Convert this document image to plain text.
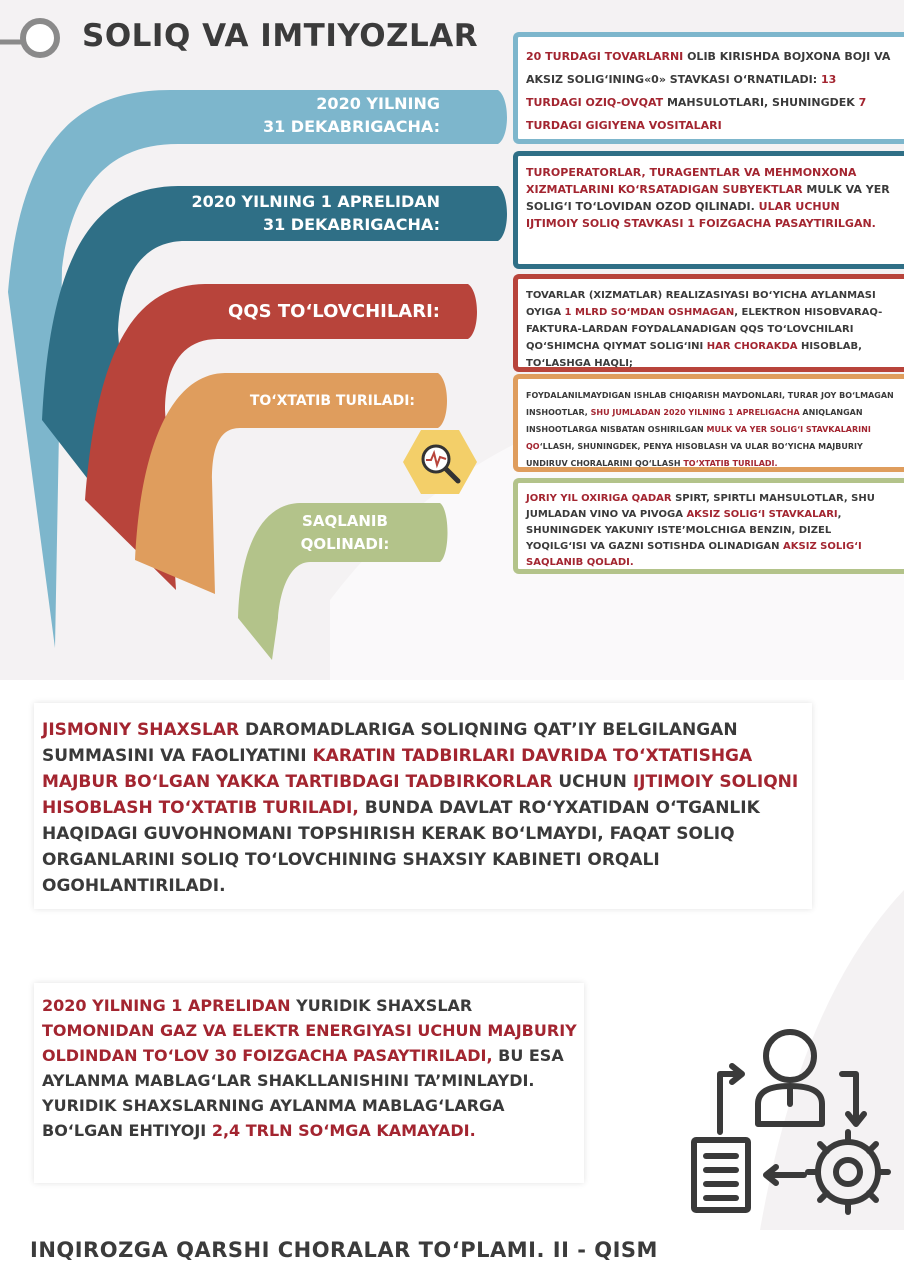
SOLIQ VA IMTIYOZLAR
2020 YILNING
31 DEKABRIGACHA:
2020 YILNING 1 APRELIDAN
31 DEKABRIGACHA:
QQS TO‘LOVCHILARI:
TO‘XTATIB TURILADI:
SAQLANIB
QOLINADI:
20 TURDAGI TOVARLARNI OLIB KIRISHDA BOJXONA BOJI VA AKSIZ SOLIG‘INING«0» STAVKASI O‘RNATILADI: 13 TURDAGI OZIQ-OVQAT MAHSULOTLARI, SHUNINGDEK 7 TURDAGI GIGIYENA VOSITALARI
TUROPERATORLAR, TURAGENTLAR VA MEHMONXONA XIZMATLARINI KO‘RSATADIGAN SUBYEKTLAR MULK VA YER SOLIG‘I TO‘LOVIDAN OZOD QILINADI. ULAR UCHUN IJTIMOIY SOLIQ STAVKASI 1 FOIZGACHA PASAYTIRILGAN.
TOVARLAR (XIZMATLAR) REALIZASIYASI BO‘YICHA AYLANMASI OYIGA 1 MLRD SO‘MDAN OSHMAGAN, ELEKTRON HISOBVARAQ-FAKTURA-LARDAN FOYDALANADIGAN QQS TO‘LOVCHILARI QO‘SHIMCHA QIYMAT SOLIG‘INI HAR CHORAKDA HISOBLAB, TO‘LASHGA HAQLI;
FOYDALANILMAYDIGAN ISHLAB CHIQARISH MAYDONLARI, TURAR JOY BO‘LMAGAN INSHOOTLAR, SHU JUMLADAN 2020 YILNING 1 APRELIGACHA ANIQLANGAN INSHOOTLARGA NISBATAN OSHIRILGAN MULK VA YER SOLIG‘I STAVKALARINI QO‘LLASH, SHUNINGDEK, PENYA HISOBLASH VA ULAR BO‘YICHA MAJBURIY UNDIRUV CHORALARINI QO‘LLASH TO‘XTATIB TURILADI.
JORIY YIL OXIRIGA QADAR SPIRT, SPIRTLI MAHSULOTLAR, SHU JUMLADAN VINO VA PIVOGA AKSIZ SOLIG‘I STAVKALARI, SHUNINGDEK YAKUNIY ISTE’MOLCHIGA BENZIN, DIZEL YOQILG‘ISI VA GAZNI SOTISHDA OLINADIGAN AKSIZ SOLIG‘I SAQLANIB QOLADI.
JISMONIY SHAXSLAR DAROMADLARIGA SOLIQNING QAT’IY BELGILANGAN SUMMASINI VA FAOLIYATINI KARATIN TADBIRLARI DAVRIDA TO‘XTATISHGA MAJBUR BO‘LGAN YAKKA TARTIBDAGI TADBIRKORLAR UCHUN IJTIMOIY SOLIQNI HISOBLASH TO‘XTATIB TURILADI, BUNDA DAVLAT RO‘YXATIDAN O‘TGANLIK HAQIDAGI GUVOHNOMANI TOPSHIRISH KERAK BO‘LMAYDI, FAQAT SOLIQ ORGANLARINI SOLIQ TO‘LOVCHINING SHAXSIY KABINETI ORQALI OGOHLANTIRILADI.
2020 YILNING 1 APRELIDAN YURIDIK SHAXSLAR TOMONIDAN GAZ VA ELEKTR ENERGIYASI UCHUN MAJBURIY OLDINDAN TO‘LOV 30 FOIZGACHA PASAYTIRILADI, BU ESA AYLANMA MABLAG‘LAR SHAKLLANISHINI TA’MINLAYDI.
YURIDIK SHAXSLARNING AYLANMA MABLAG‘LARGA BO‘LGAN EHTIYOJI 2,4 TRLN SO‘MGA KAMAYADI.
INQIROZGA QARSHI CHORALAR TO‘PLAMI. II - QISM
